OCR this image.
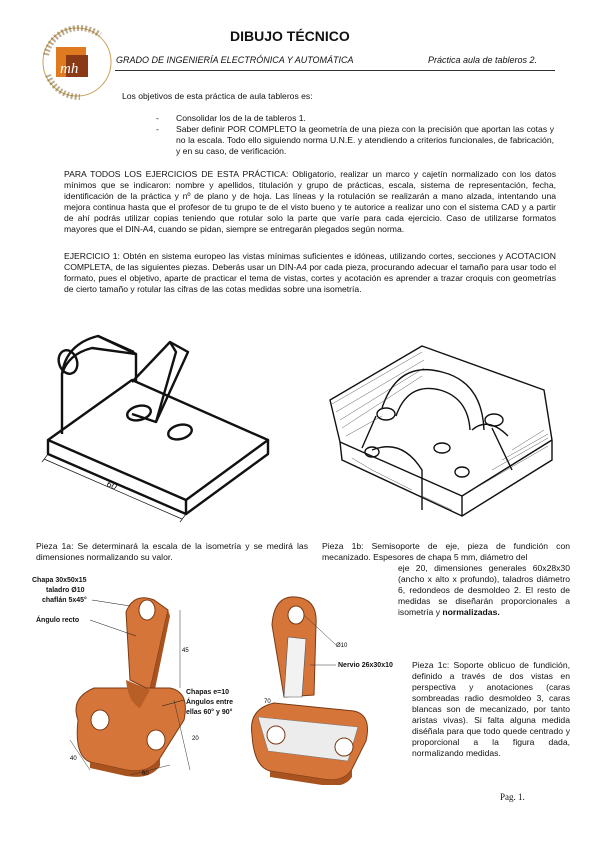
mh
DIBUJO TÉCNICO
GRADO DE INGENIERÍA ELECTRÓNICA Y AUTOMÁTICA	Práctica aula de tableros 2.
Los objetivos de esta práctica de aula tableros es:
- Consolidar los de la de tableros 1.
- Saber definir POR COMPLETO la geometría de una pieza con la precisión que aportan las cotas y no la escala. Todo ello siguiendo norma U.N.E. y atendiendo a criterios funcionales, de fabricación, y en su caso, de verificación.
PARA TODOS LOS EJERCICIOS DE ESTA PRÁCTICA: Obligatorio, realizar un marco y cajetín normalizado con los datos mínimos que se indicaron: nombre y apellidos, titulación y grupo de prácticas, escala, sistema de representación, fecha, identificación de la práctica y nº de plano y de hoja. Las líneas y la rotulación se realizarán a mano alzada, intentando una mejora continua hasta que el profesor de tu grupo te de el visto bueno y te autorice a realizar uno con el sistema CAD y a partir de ahí podrás utilizar copias teniendo que rotular solo la parte que varíe para cada ejercicio. Caso de utilizarse formatos mayores que el DIN-A4, cuando se pidan, siempre se entregarán plegados según norma.
EJERCICIO 1: Obtén en sistema europeo las vistas mínimas suficientes e idóneas, utilizando cortes, secciones y ACOTACION COMPLETA, de las siguientes piezas. Deberás usar un DIN-A4 por cada pieza, procurando adecuar el tamaño para usar todo el formato, pues el objetivo, aparte de practicar el tema de vistas, cortes y acotación es aprender a trazar croquis con geometrías de cierto tamaño y rotular las cifras de las cotas medidas sobre una isometría.
60
Pieza 1a: Se determinará la escala de la isometría y se medirá las dimensiones normalizando su valor.
Pieza 1b: Semisoporte de eje, pieza de fundición con mecanizado. Espesores de chapa 5 mm, diámetro del
eje 20, dimensiones generales 60x28x30 (ancho x alto x profundo), taladros diámetro 6, redondeos de desmoldeo 2. El resto de medidas se diseñarán proporcionales a isometría y normalizadas.
Pieza 1c: Soporte oblicuo de fundición, definido a través de dos vistas en perspectiva y anotaciones (caras sombreadas radio desmoldeo 3, caras blancas son de mecanizado, por tanto aristas vivas). Si falta alguna medida diséñala para que todo quede centrado y proporcional a la figura dada, normalizando medidas.
45
20
40
60
Chapa 30x50x15
taladro Ø10
chaflán 5x45°
Ángulo recto
Chapas e=10
Ángulos entre
ellas 60° y 90°
Ø10
Nervio 26x30x10
70
Pag. 1.
